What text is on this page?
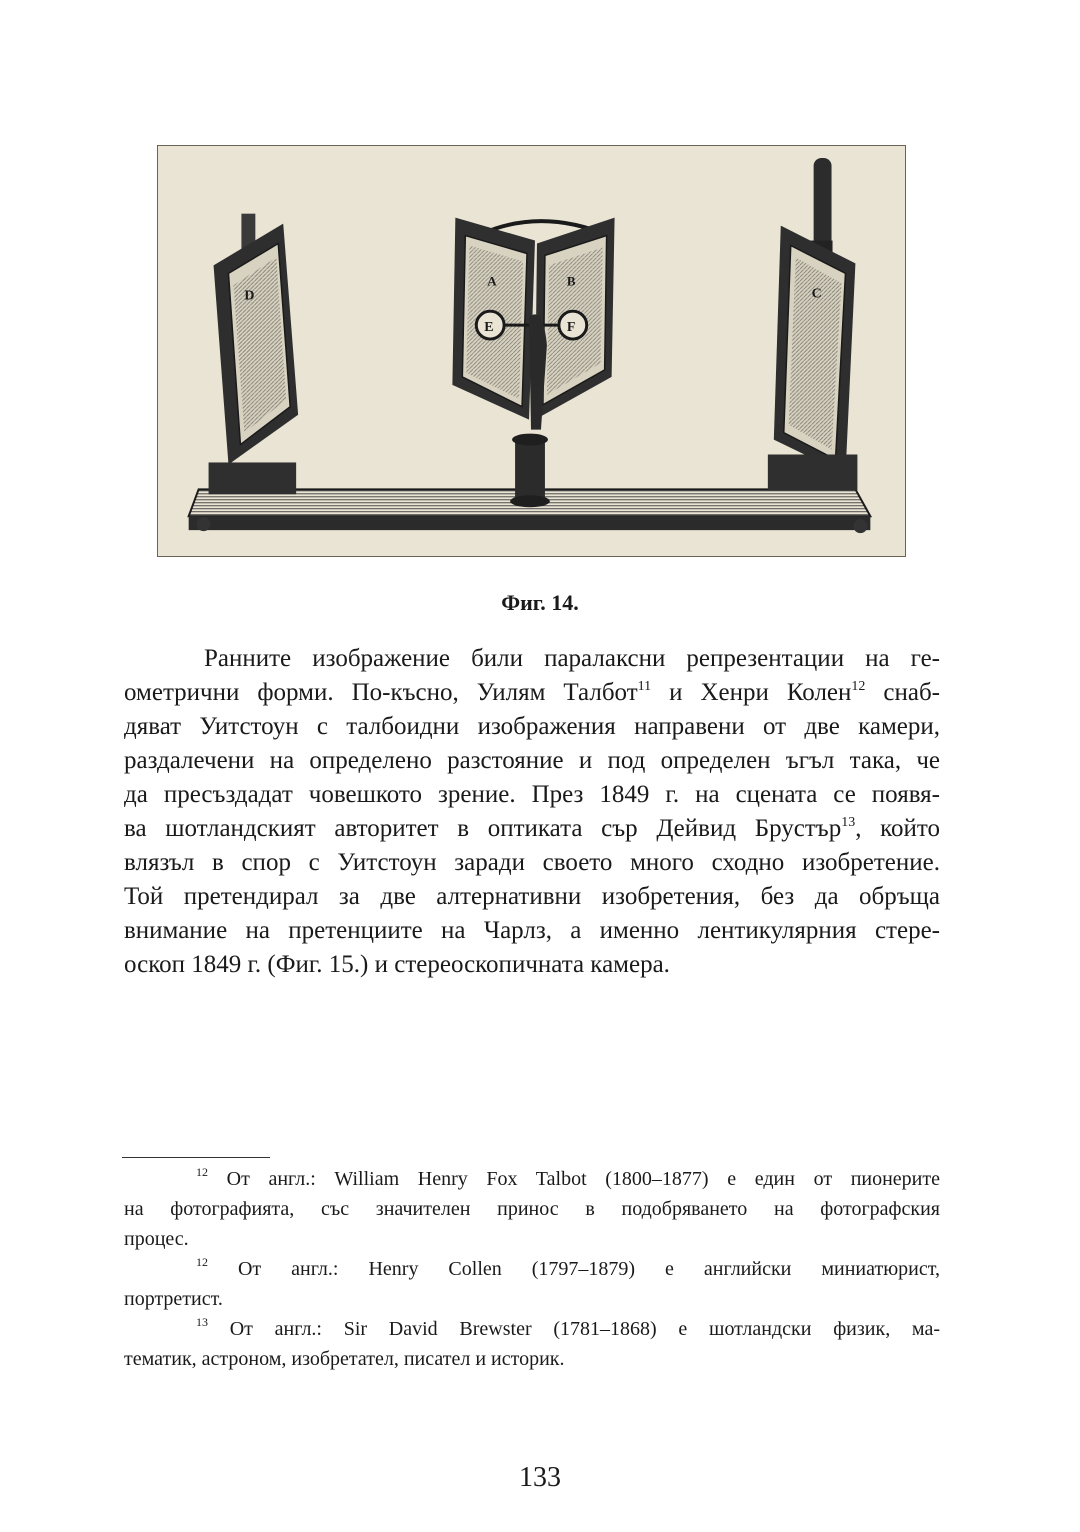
D	C
A	B
E	F
Фиг. 14.
Ранните изображение били паралаксни репрезентации на ге-
ометрични форми. По-късно, Уилям Талбот$^{11}$ и Хенри Колен$^{12}$ снаб-
дяват Уитстоун с талбоидни изображения направени от две камери,
раздалечени на определено разстояние и под определен ъгъл така, че
да пресъздадат човешкото зрение. През 1849 г. на сцената се появя-
ва шотландският авторитет в оптиката сър Дейвид Брустър$^{13}$, който
влязъл в спор с Уитстоун заради своето много сходно изобретение.
Той претендирал за две алтернативни изобретения, без да обръща
внимание на претенциите на Чарлз, а именно лентикулярния стере-
оскоп 1849 г. (Фиг. 15.) и стереоскопичната камера.
$^{12}$ От англ.: William Henry Fox Talbot (1800–1877) е един от пионерите
на фотографията, със значителен принос в подобряването на фотографския
процес.
$^{12}$ От англ.: Henry Collen (1797–1879) е английски миниатюрист,
портретист.
$^{13}$ От англ.: Sir David Brewster (1781–1868) е шотландски физик, ма-
тематик, астроном, изобретател, писател и историк.
133
